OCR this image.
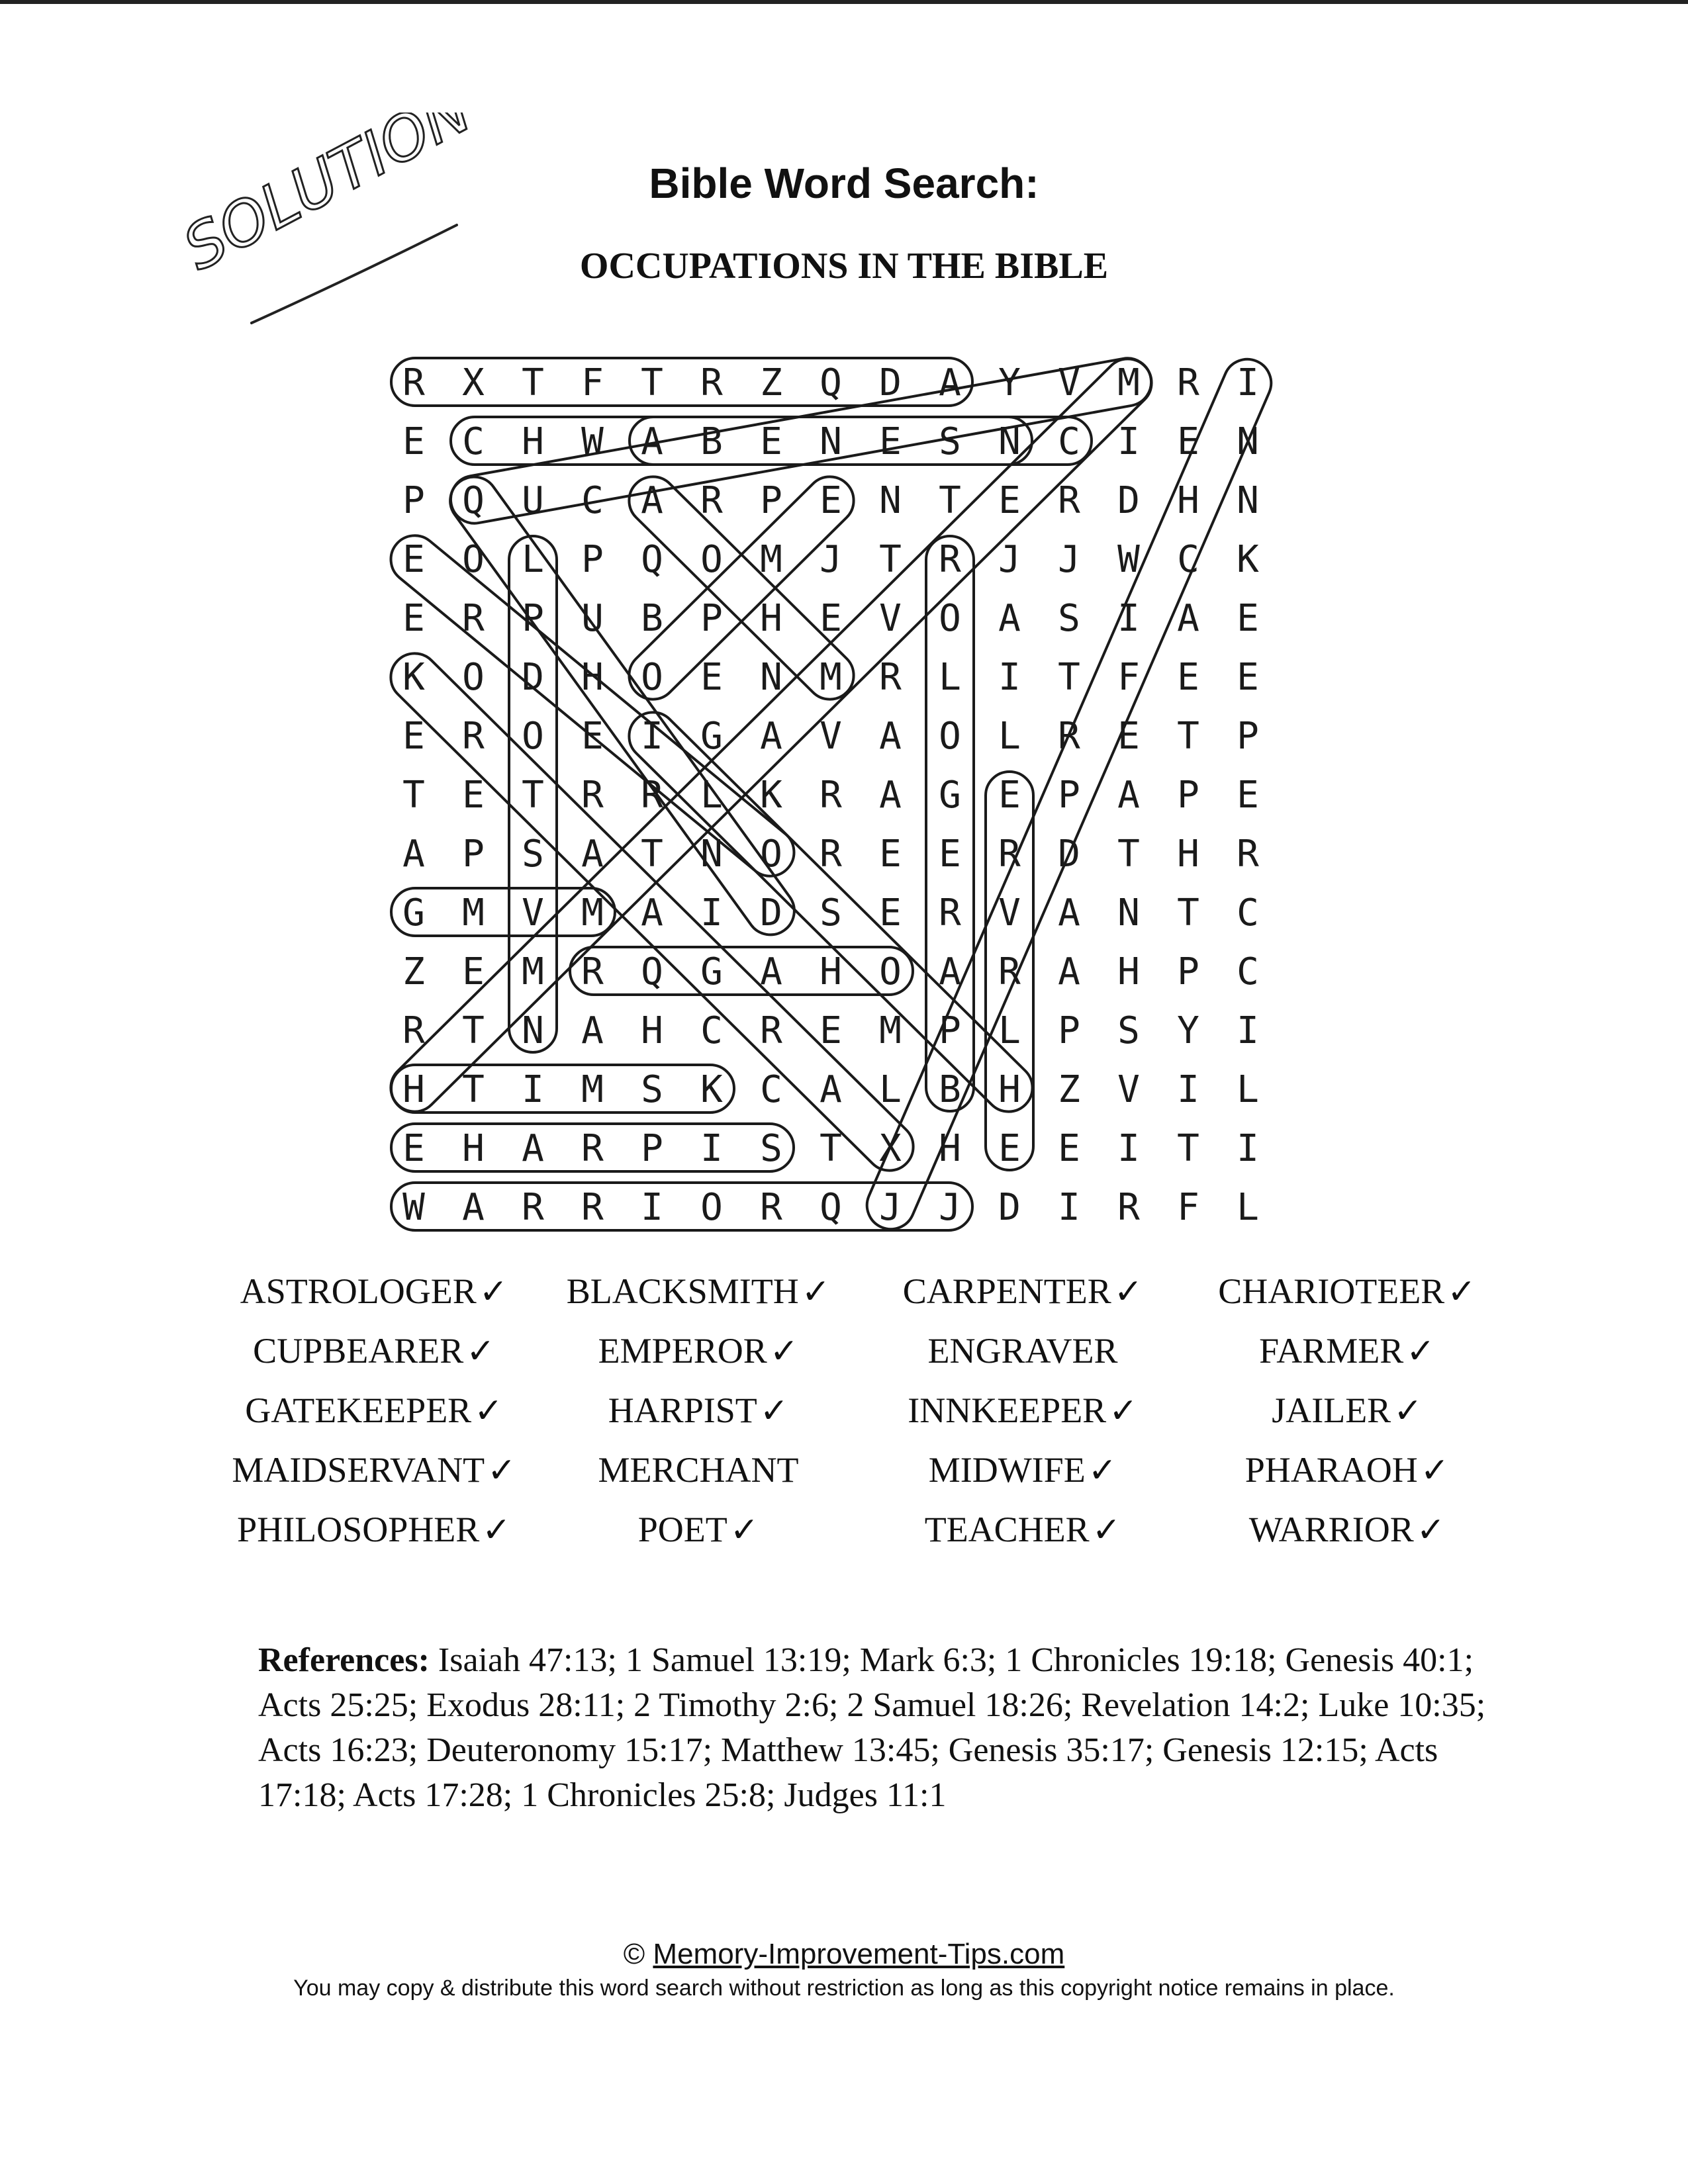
SOLUTION	Bible Word Search:
OCCUPATIONS IN THE BIBLE
R X T F T R Z Q D A Y V M R I
E C H W A B E N E S N C I E N
P Q U C A R P E N T E R D H N
E O L P Q O M J T R J J W C K
E R P U B P H E V O A S I A E
K O D H O E N M R L I T F E E
E R O E I G A V A O L R E T P
T E T R R L K R A G E P A P E
A P S A T N O R E E R D T H R
G M V M A I D S E R V A N T C
Z E M R Q G A H O A R A H P C
R T N A H C R E M P L P S Y I
H T I M S K C A L B H Z V I L
E H A R P I S T X H E E I T I
W A R R I O R Q J J D I R F L
ASTROLOGER✓	BLACKSMITH✓	CARPENTER✓	CHARIOTEER✓
CUPBEARER✓	EMPEROR✓	ENGRAVER	FARMER✓
GATEKEEPER✓	HARPIST✓	INNKEEPER✓	JAILER✓
MAIDSERVANT✓	MERCHANT	MIDWIFE✓	PHARAOH✓
PHILOSOPHER✓	POET✓	TEACHER✓	WARRIOR✓
References: Isaiah 47:13; 1 Samuel 13:19; Mark 6:3; 1 Chronicles 19:18; Genesis 40:1; Acts 25:25; Exodus 28:11; 2 Timothy 2:6; 2 Samuel 18:26; Revelation 14:2; Luke 10:35; Acts 16:23; Deuteronomy 15:17; Matthew 13:45; Genesis 35:17; Genesis 12:15; Acts 17:18; Acts 17:28; 1 Chronicles 25:8; Judges 11:1
© Memory-Improvement-Tips.com
You may copy & distribute this word search without restriction as long as this copyright notice remains in place.
